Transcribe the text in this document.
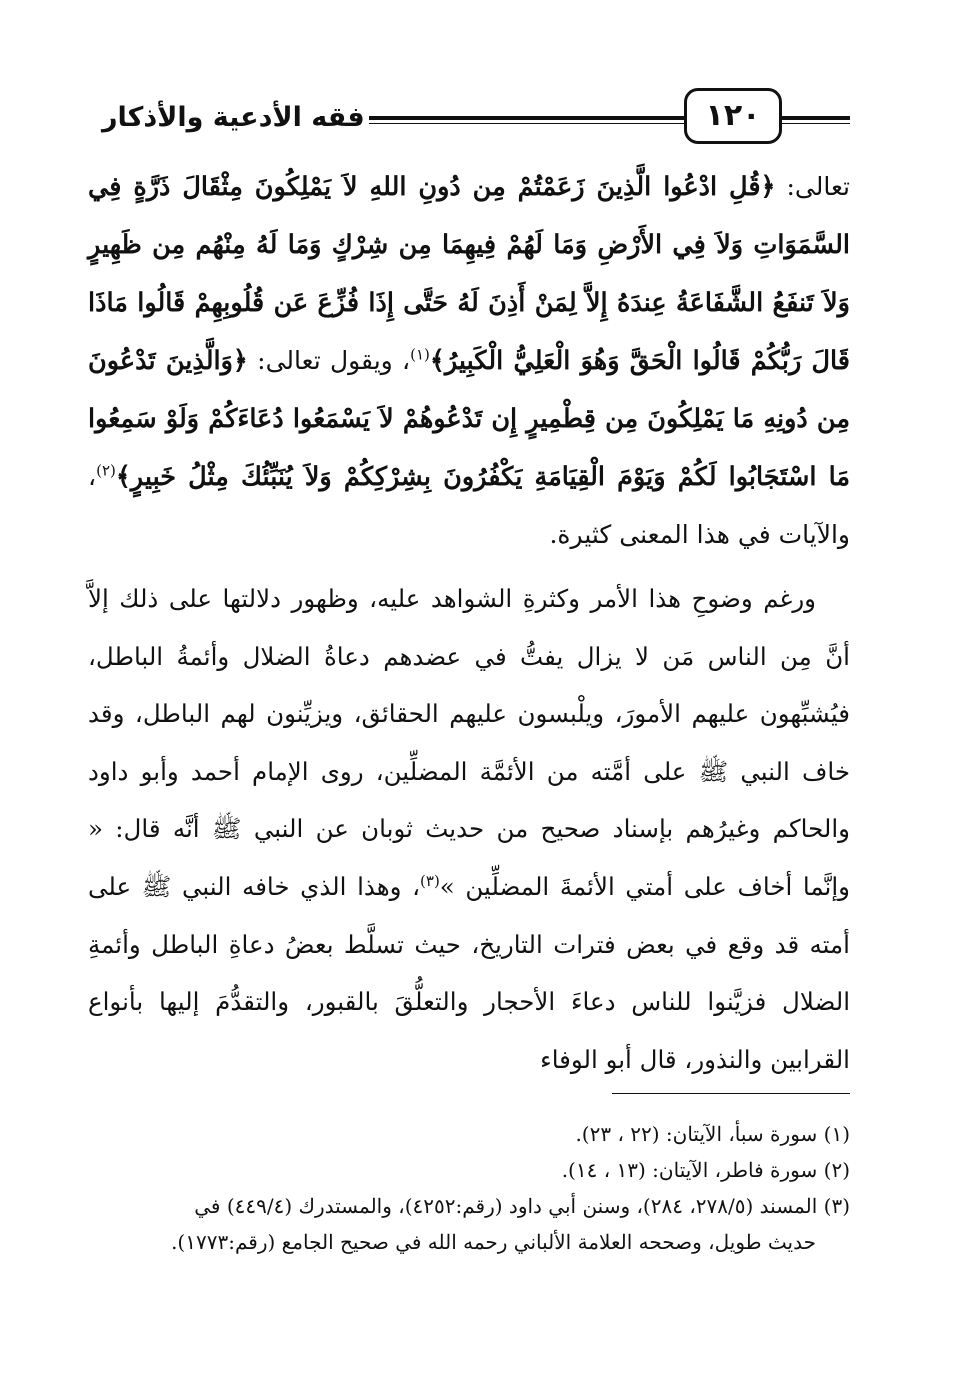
فقه الأدعية والأذكار	١٢٠

تعالى: ﴿قُلِ ادْعُوا الَّذِينَ زَعَمْتُمْ مِن دُونِ اللهِ لاَ يَمْلِكُونَ مِثْقَالَ ذَرَّةٍ فِي السَّمَوَاتِ وَلاَ فِي الأَرْضِ وَمَا لَهُمْ فِيهِمَا مِن شِرْكٍ وَمَا لَهُ مِنْهُم مِن ظَهِيرٍ وَلاَ تَنفَعُ الشَّفَاعَةُ عِندَهُ إِلاَّ لِمَنْ أَذِنَ لَهُ حَتَّى إِذَا فُزِّعَ عَن قُلُوبِهِمْ قَالُوا مَاذَا قَالَ رَبُّكُمْ قَالُوا الْحَقَّ وَهُوَ الْعَلِيُّ الْكَبِيرُ﴾$^{(١)}$، ويقول تعالى: ﴿وَالَّذِينَ تَدْعُونَ مِن دُونِهِ مَا يَمْلِكُونَ مِن قِطْمِيرٍ إِن تَدْعُوهُمْ لاَ يَسْمَعُوا دُعَاءَكُمْ وَلَوْ سَمِعُوا مَا اسْتَجَابُوا لَكُمْ وَيَوْمَ الْقِيَامَةِ يَكْفُرُونَ بِشِرْكِكُمْ وَلاَ يُنَبِّئُكَ مِثْلُ خَبِيرٍ﴾$^{(٢)}$، والآيات في هذا المعنى كثيرة.

ورغم وضوحِ هذا الأمر وكثرةِ الشواهد عليه، وظهور دلالتها على ذلك إلاَّ أنَّ مِن الناس مَن لا يزال يفتُّ في عضدهم دعاةُ الضلال وأئمةُ الباطل، فيُشبِّهون عليهم الأمورَ، ويلْبسون عليهم الحقائق، ويزيِّنون لهم الباطل، وقد خاف النبي ﷺ على أمَّته من الأئمَّة المضلِّين، روى الإمام أحمد وأبو داود والحاكم وغيرُهم بإسناد صحيح من حديث ثوبان عن النبي ﷺ أنَّه قال: « وإنَّما أخاف على أمتي الأئمةَ المضلِّين »$^{(٣)}$، وهذا الذي خافه النبي ﷺ على أمته قد وقع في بعض فترات التاريخ، حيث تسلَّط بعضُ دعاةِ الباطل وأئمةِ الضلال فزيَّنوا للناس دعاءَ الأحجار والتعلُّقَ بالقبور، والتقدُّمَ إليها بأنواع القرابين والنذور، قال أبو الوفاء

(١) سورة سبأ، الآيتان: (٢٢ ، ٢٣).

(٢) سورة فاطر، الآيتان: (١٣ ، ١٤).

(٣) المسند (٢٧٨/٥، ٢٨٤)، وسنن أبي داود (رقم:٤٢٥٢)، والمستدرك (٤٤٩/٤) في

حديث طويل، وصححه العلامة الألباني رحمه الله في صحيح الجامع (رقم:١٧٧٣).
